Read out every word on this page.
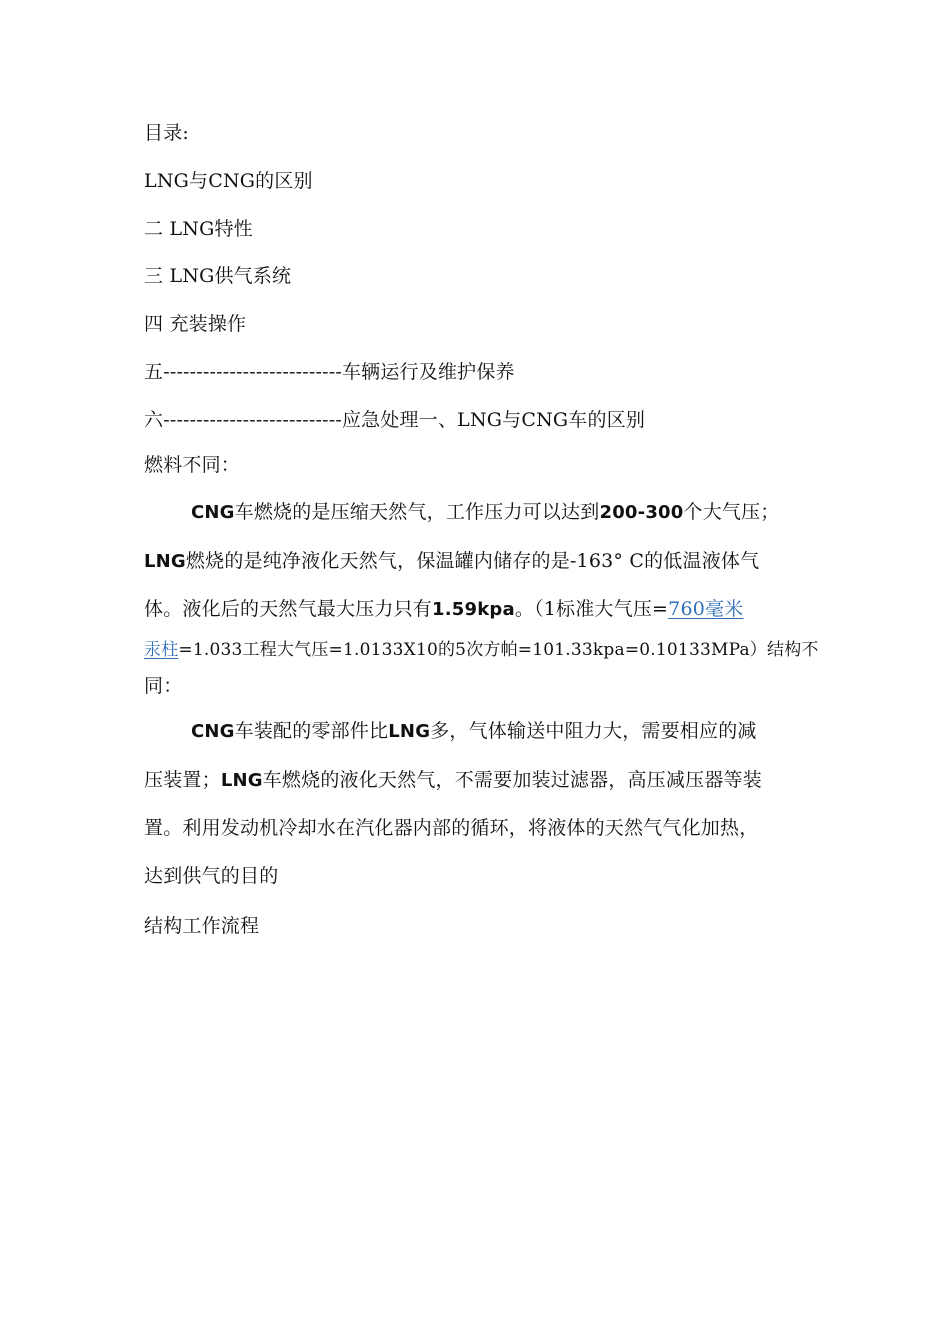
目录:
LNG与CNG的区别
二 LNG特性
三 LNG供气系统
四 充装操作
五---------------------------车辆运行及维护保养
六---------------------------应急处理一、LNG与CNG车的区别
燃料不同：
CNG车燃烧的是压缩天然气，工作压力可以达到200-300个大气压；
LNG燃烧的是纯净液化天然气，保温罐内储存的是-163° C的低温液体气
体。液化后的天然气最大压力只有1.59kpa。（1标准大气压=760毫米
汞柱=1.033工程大气压=1.0133X10的5次方帕=101.33kpa=0.10133MPa）结构不
同：
CNG车装配的零部件比LNG多，气体输送中阻力大，需要相应的减
压装置；LNG车燃烧的液化天然气，不需要加装过滤器，高压减压器等装
置。利用发动机冷却水在汽化器内部的循环，将液体的天然气气化加热，
达到供气的目的
结构工作流程
